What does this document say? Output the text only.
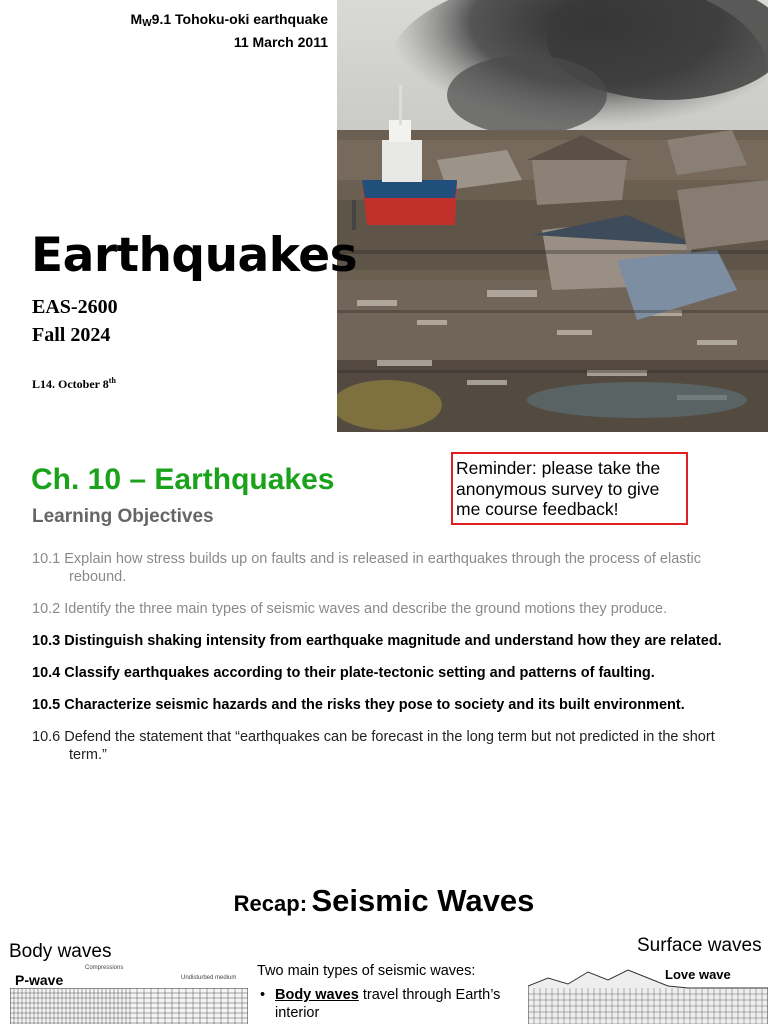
$M_W9.1$ Tohoku-oki earthquake
11 March 2011
Earthquakes
EAS-2600
Fall 2024
L14. October 8th
Ch. 10 – Earthquakes
Learning Objectives
Reminder: please take the anonymous survey to give me course feedback!
10.1 Explain how stress builds up on faults and is released in earthquakes through the process of elastic rebound.
10.2 Identify the three main types of seismic waves and describe the ground motions they produce.
10.3 Distinguish shaking intensity from earthquake magnitude and understand how they are related.
10.4 Classify earthquakes according to their plate-tectonic setting and patterns of faulting.
10.5 Characterize seismic hazards and the risks they pose to society and its built environment.
10.6 Defend the statement that “earthquakes can be forecast in the long term but not predicted in the short term.”
Recap: Seismic Waves
Body waves	Surface waves
P-wave
Compressions
Undisturbed medium	Love wave
Two main types of seismic waves:
• Body waves travel through Earth’s interior
